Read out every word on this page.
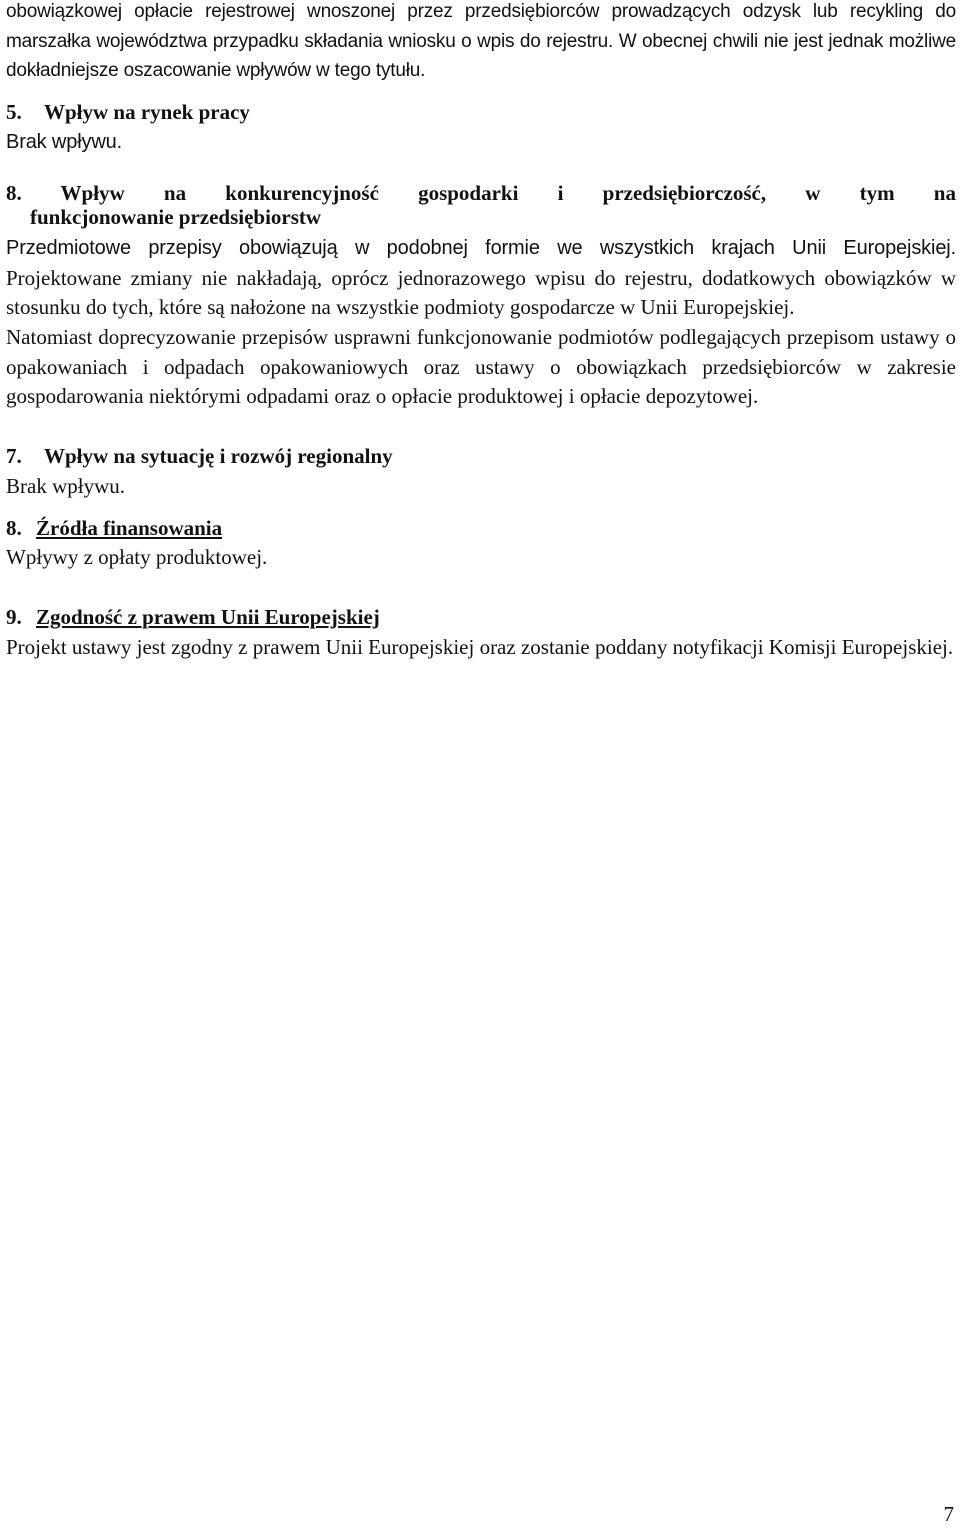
obowiązkowej opłacie rejestrowej wnoszonej przez przedsiębiorców prowadzących odzysk lub recykling do marszałka województwa przypadku składania wniosku o wpis do rejestru. W obecnej chwili nie jest jednak możliwe dokładniejsze oszacowanie wpływów w tego tytułu.

5. Wpływ na rynek pracy

Brak wpływu.

8. Wpływ na konkurencyjność gospodarki i przedsiębiorczość, w tym na

funkcjonowanie przedsiębiorstw

Przedmiotowe przepisy obowiązują w podobnej formie we wszystkich krajach Unii Europejskiej. Projektowane zmiany nie nakładają, oprócz jednorazowego wpisu do rejestru, dodatkowych obowiązków w stosunku do tych, które są nałożone na wszystkie podmioty gospodarcze w Unii Europejskiej.

Natomiast doprecyzowanie przepisów usprawni funkcjonowanie podmiotów podlegających przepisom ustawy o opakowaniach i odpadach opakowaniowych oraz ustawy o obowiązkach przedsiębiorców w zakresie gospodarowania niektórymi odpadami oraz o opłacie produktowej i opłacie depozytowej.

7. Wpływ na sytuację i rozwój regionalny

Brak wpływu.

8. Źródła finansowania

Wpływy z opłaty produktowej.

9. Zgodność z prawem Unii Europejskiej

Projekt ustawy jest zgodny z prawem Unii Europejskiej oraz zostanie poddany notyfikacji Komisji Europejskiej.

7
